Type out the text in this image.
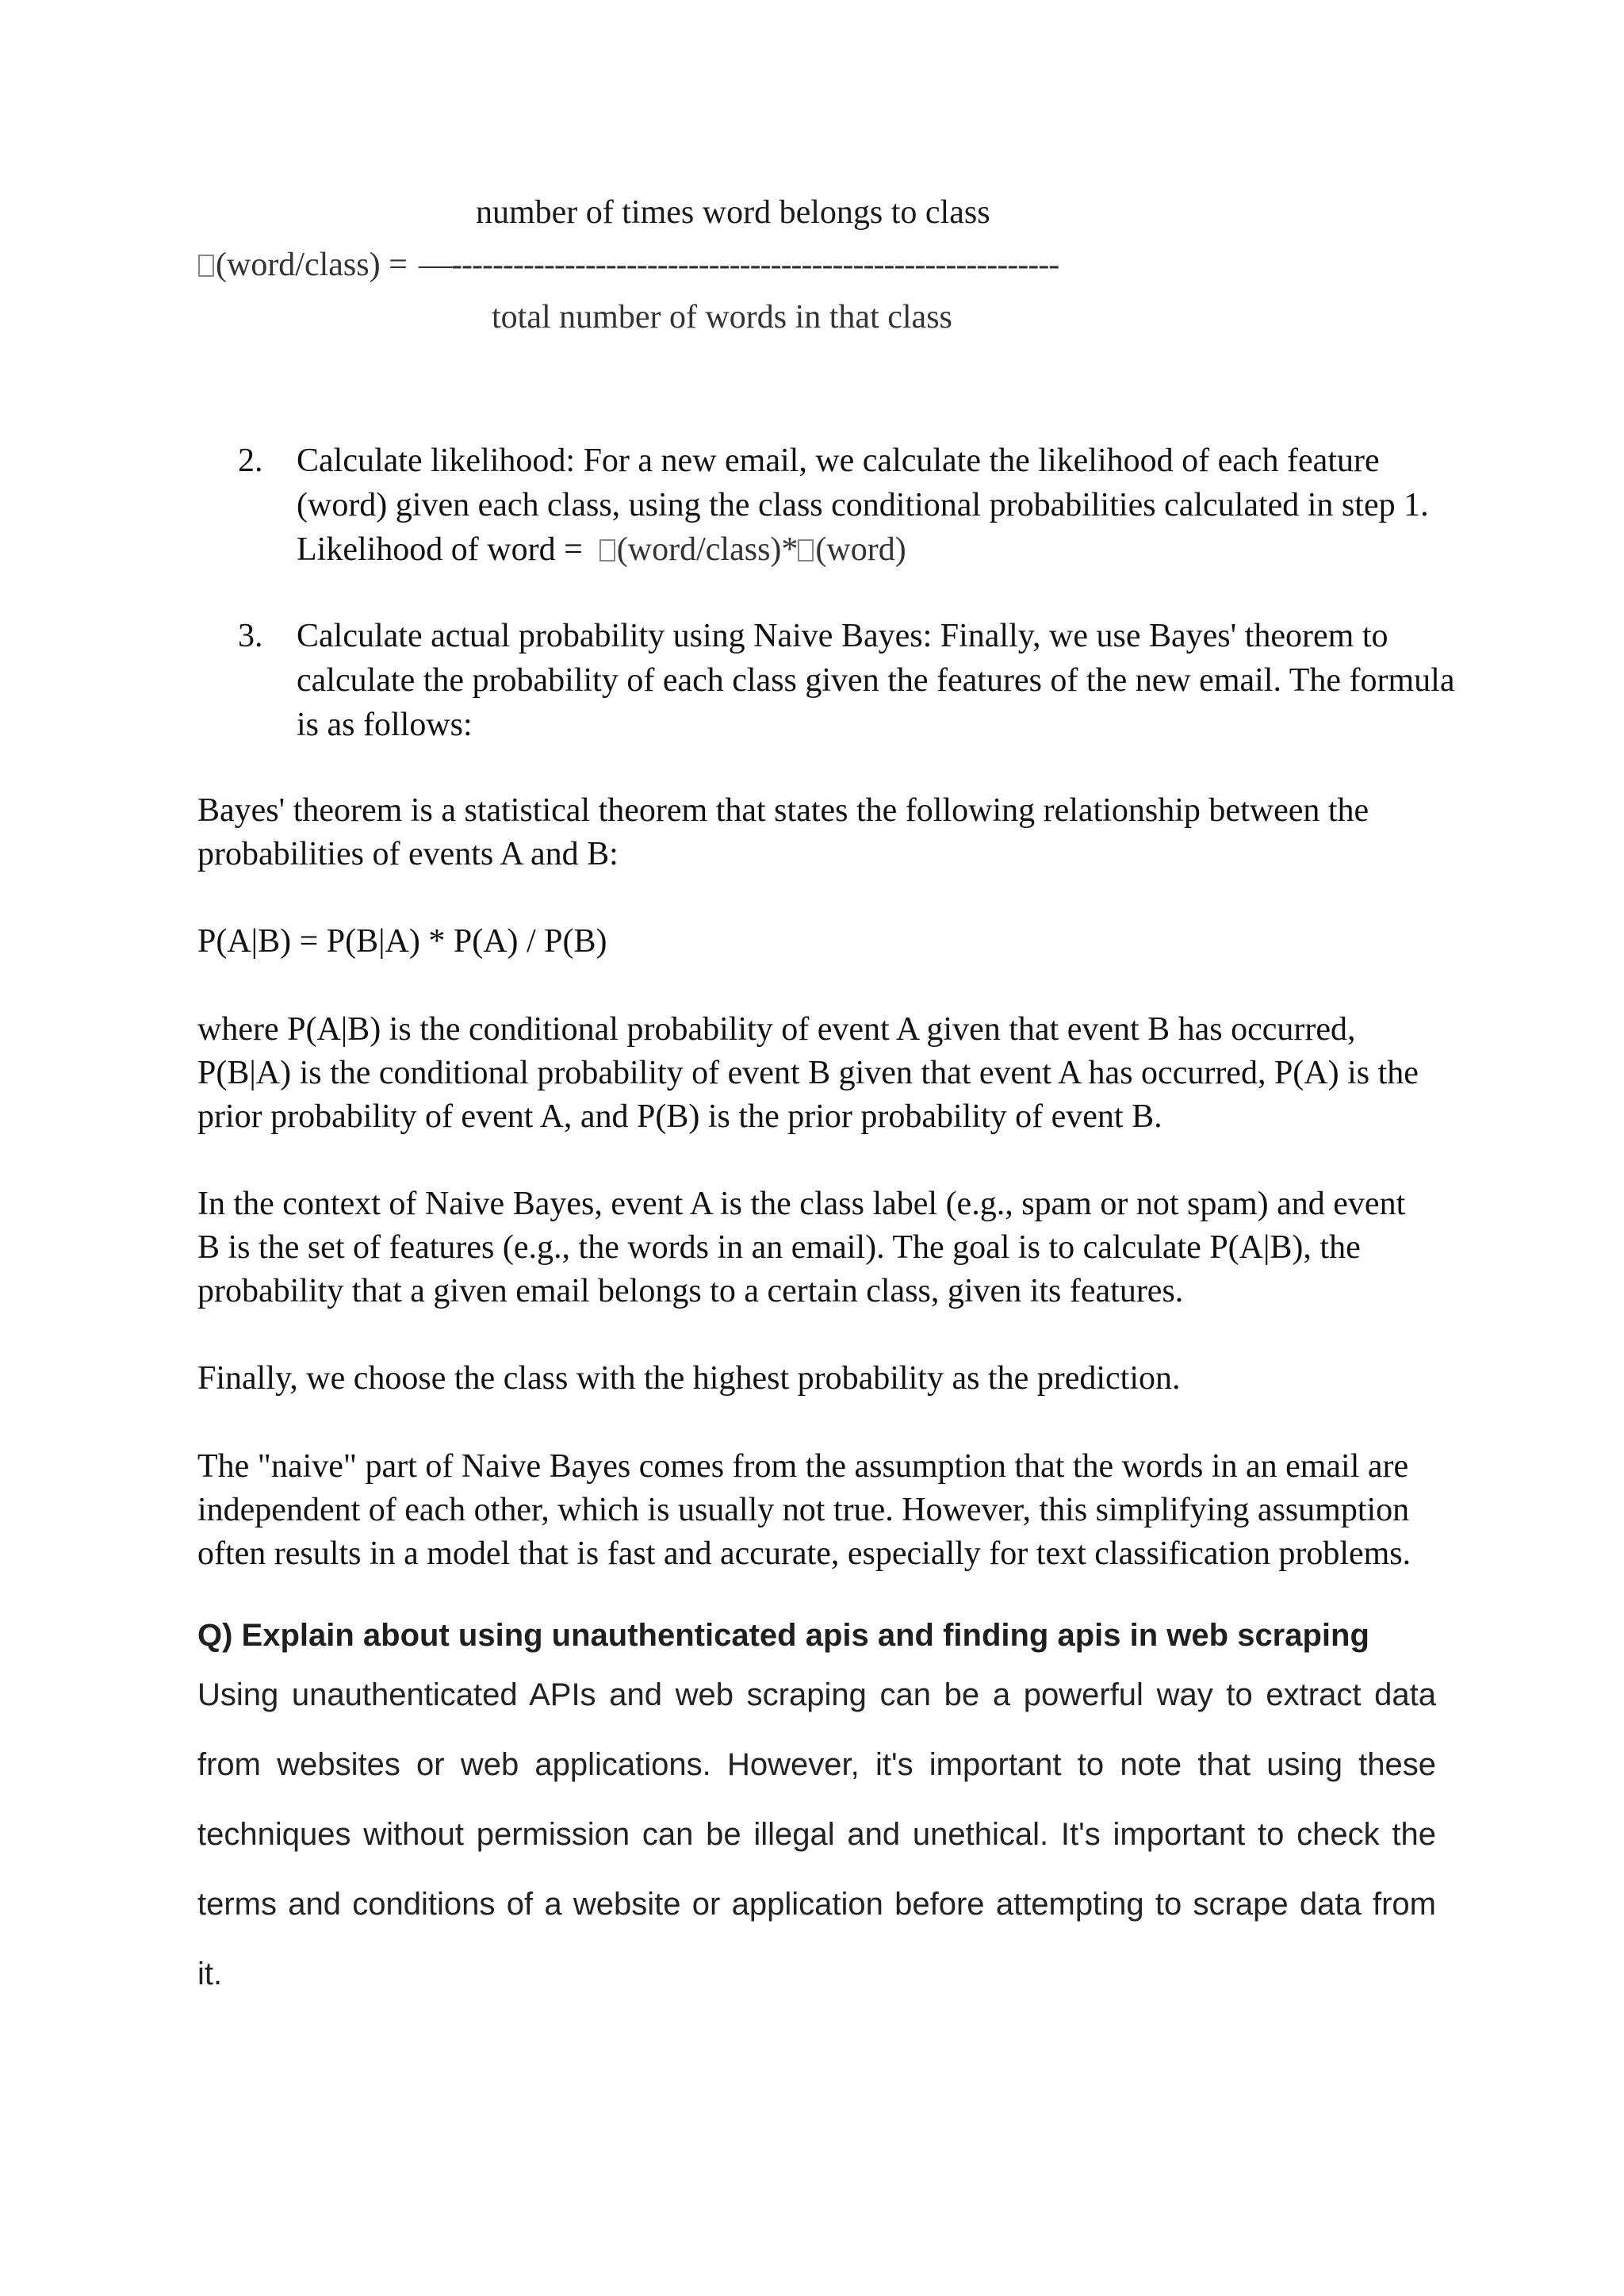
number of times word belongs to class
(word/class) = —-----------------------------------------------------------
total number of words in that class
2. Calculate likelihood: For a new email, we calculate the likelihood of each feature (word) given each class, using the class conditional probabilities calculated in step 1.
Likelihood of word =  (word/class)* (word)
3. Calculate actual probability using Naive Bayes: Finally, we use Bayes' theorem to calculate the probability of each class given the features of the new email. The formula is as follows:
Bayes' theorem is a statistical theorem that states the following relationship between the probabilities of events A and B:
P(A|B) = P(B|A) * P(A) / P(B)
where P(A|B) is the conditional probability of event A given that event B has occurred, P(B|A) is the conditional probability of event B given that event A has occurred, P(A) is the prior probability of event A, and P(B) is the prior probability of event B.
In the context of Naive Bayes, event A is the class label (e.g., spam or not spam) and event B is the set of features (e.g., the words in an email). The goal is to calculate P(A|B), the probability that a given email belongs to a certain class, given its features.
Finally, we choose the class with the highest probability as the prediction.
The "naive" part of Naive Bayes comes from the assumption that the words in an email are independent of each other, which is usually not true. However, this simplifying assumption often results in a model that is fast and accurate, especially for text classification problems.
Q) Explain about using unauthenticated apis and finding apis in web scraping
Using unauthenticated APIs and web scraping can be a powerful way to extract data from websites or web applications. However, it's important to note that using these techniques without permission can be illegal and unethical. It's important to check the terms and conditions of a website or application before attempting to scrape data from it.
